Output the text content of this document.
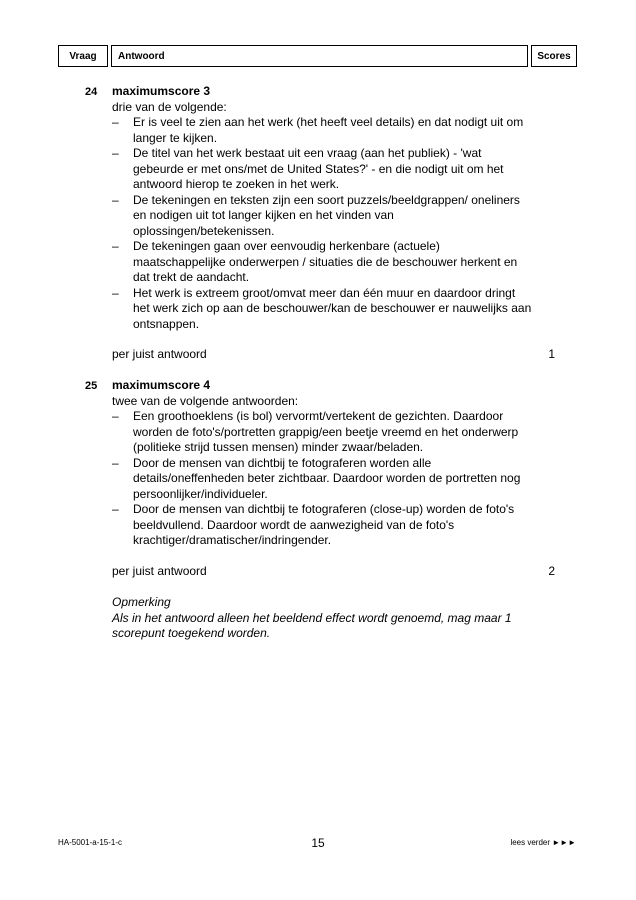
Vraag	Antwoord	Scores
24 maximumscore 3
drie van de volgende:
– Er is veel te zien aan het werk (het heeft veel details) en dat nodigt uit om langer te kijken.
– De titel van het werk bestaat uit een vraag (aan het publiek) - 'wat gebeurde er met ons/met de United States?' - en die nodigt uit om het antwoord hierop te zoeken in het werk.
– De tekeningen en teksten zijn een soort puzzels/beeldgrappen/ oneliners en nodigen uit tot langer kijken en het vinden van oplossingen/betekenissen.
– De tekeningen gaan over eenvoudig herkenbare (actuele) maatschappelijke onderwerpen / situaties die de beschouwer herkent en dat trekt de aandacht.
– Het werk is extreem groot/omvat meer dan één muur en daardoor dringt het werk zich op aan de beschouwer/kan de beschouwer er nauwelijks aan ontsnappen.
per juist antwoord	1
25 maximumscore 4
twee van de volgende antwoorden:
– Een groothoeklens (is bol) vervormt/vertekent de gezichten. Daardoor worden de foto's/portretten grappig/een beetje vreemd en het onderwerp (politieke strijd tussen mensen) minder zwaar/beladen.
– Door de mensen van dichtbij te fotograferen worden alle details/oneffenheden beter zichtbaar. Daardoor worden de portretten nog persoonlijker/individueler.
– Door de mensen van dichtbij te fotograferen (close-up) worden de foto's beeldvullend. Daardoor wordt de aanwezigheid van de foto's krachtiger/dramatischer/indringender.
per juist antwoord	2
Opmerking
Als in het antwoord alleen het beeldend effect wordt genoemd, mag maar 1 scorepunt toegekend worden.
HA-5001-a-15-1-c	15	lees verder ►►►
